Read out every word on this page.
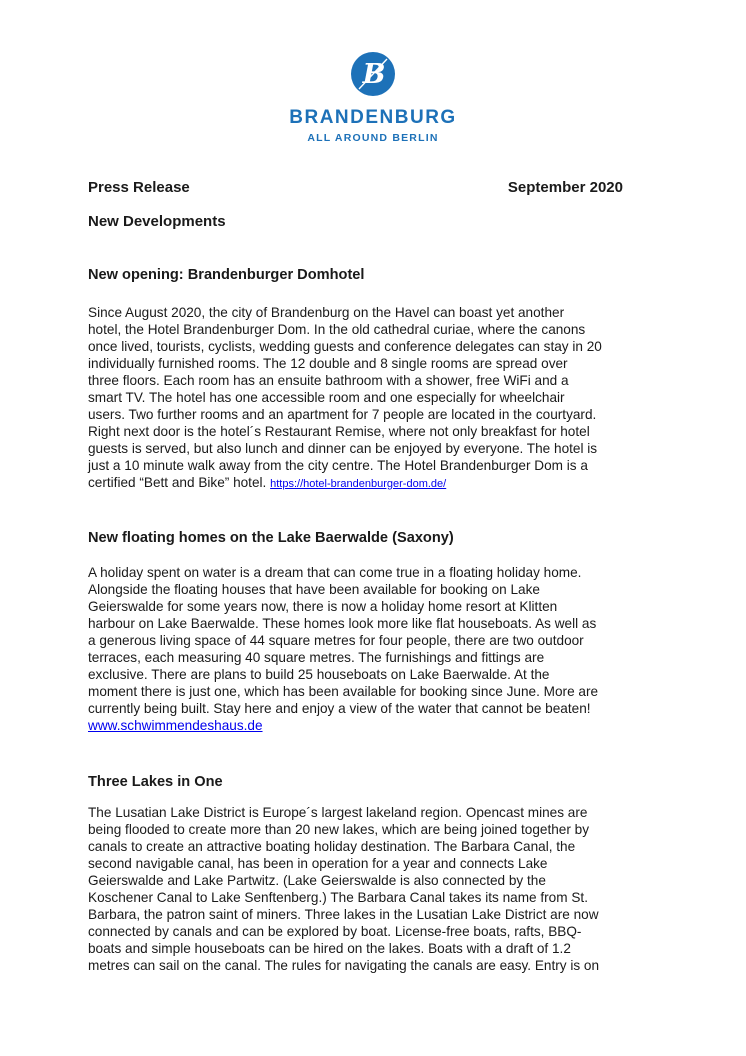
B
BRANDENBURG
ALL AROUND BERLIN
Press Release	September 2020
New Developments
New opening: Brandenburger Domhotel
Since August 2020, the city of Brandenburg on the Havel can boast yet another
hotel, the Hotel Brandenburger Dom. In the old cathedral curiae, where the canons
once lived, tourists, cyclists, wedding guests and conference delegates can stay in 20
individually furnished rooms. The 12 double and 8 single rooms are spread over
three floors. Each room has an ensuite bathroom with a shower, free WiFi and a
smart TV. The hotel has one accessible room and one especially for wheelchair
users. Two further rooms and an apartment for 7 people are located in the courtyard.
Right next door is the hotel´s Restaurant Remise, where not only breakfast for hotel
guests is served, but also lunch and dinner can be enjoyed by everyone. The hotel is
just a 10 minute walk away from the city centre. The Hotel Brandenburger Dom is a
certified “Bett and Bike” hotel. https://hotel-brandenburger-dom.de/
New floating homes on the Lake Baerwalde (Saxony)
A holiday spent on water is a dream that can come true in a floating holiday home.
Alongside the floating houses that have been available for booking on Lake
Geierswalde for some years now, there is now a holiday home resort at Klitten
harbour on Lake Baerwalde. These homes look more like flat houseboats. As well as
a generous living space of 44 square metres for four people, there are two outdoor
terraces, each measuring 40 square metres. The furnishings and fittings are
exclusive. There are plans to build 25 houseboats on Lake Baerwalde. At the
moment there is just one, which has been available for booking since June. More are
currently being built. Stay here and enjoy a view of the water that cannot be beaten!
www.schwimmendeshaus.de
Three Lakes in One
The Lusatian Lake District is Europe´s largest lakeland region. Opencast mines are
being flooded to create more than 20 new lakes, which are being joined together by
canals to create an attractive boating holiday destination. The Barbara Canal, the
second navigable canal, has been in operation for a year and connects Lake
Geierswalde and Lake Partwitz. (Lake Geierswalde is also connected by the
Koschener Canal to Lake Senftenberg.) The Barbara Canal takes its name from St.
Barbara, the patron saint of miners. Three lakes in the Lusatian Lake District are now
connected by canals and can be explored by boat. License-free boats, rafts, BBQ-
boats and simple houseboats can be hired on the lakes. Boats with a draft of 1.2
metres can sail on the canal. The rules for navigating the canals are easy. Entry is on
